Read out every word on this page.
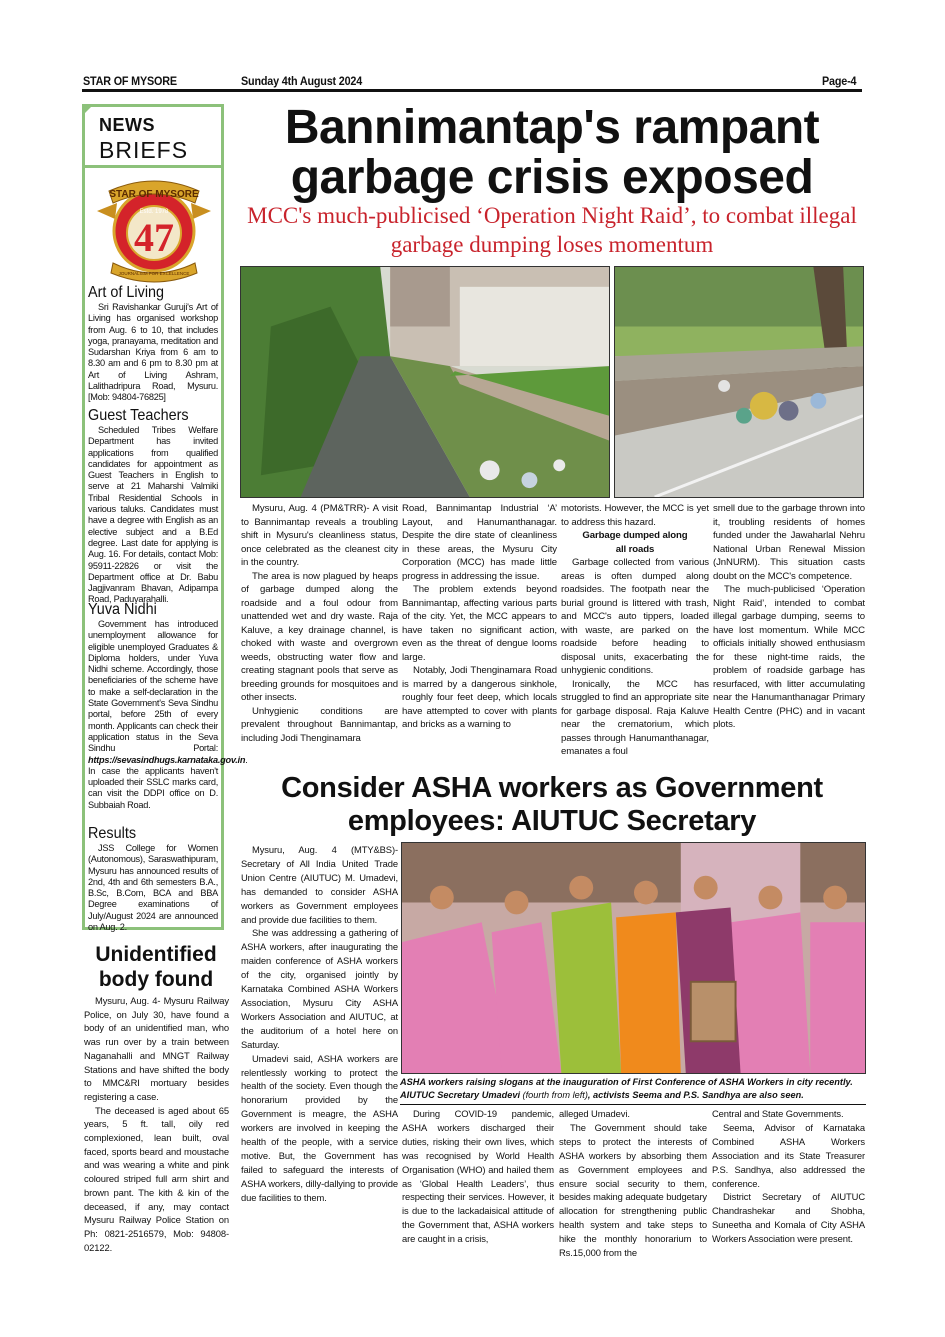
STAR OF MYSORE	Sunday 4th August 2024	Page-4
NEWS
BRIEFS
STAR OF MYSORE
Estd. 1978
47
JOURNALISM FOR EXCELLENCE
Art of Living

Sri Ravishankar Guruji's Art of Living has organised workshop from Aug. 6 to 10, that includes yoga, pranayama, meditation and Sudarshan Kriya from 6 am to 8.30 am and 6 pm to 8.30 pm at Art of Living Ashram, Lalithadripura Road, Mysuru. [Mob: 94804-76825]

Guest Teachers

Scheduled Tribes Welfare Department has invited applications from qualified candidates for appointment as Guest Teachers in English to serve at 21 Maharshi Valmiki Tribal Residential Schools in various taluks. Candidates must have a degree with English as an elective subject and a B.Ed degree. Last date for applying is Aug. 16. For details, contact Mob: 95911-22826 or visit the Department office at Dr. Babu Jagjivanram Bhavan, Adipampa Road, Paduvarahalli.

Yuva Nidhi

Government has introduced unemployment allowance for eligible unemployed Graduates & Diploma holders, under Yuva Nidhi scheme. Accordingly, those beneficiaries of the scheme have to make a self-declaration in the State Government's Seva Sindhu portal, before 25th of every month. Applicants can check their application status in the Seva Sindhu Portal: https://sevasindhugs.karnataka.gov.in. In case the applicants haven't uploaded their SSLC marks card, can visit the DDPI office on D. Subbaiah Road.

Results

JSS College for Women (Autonomous), Saraswathipuram, Mysuru has announced results of 2nd, 4th and 6th semesters B.A., B.Sc, B.Com, BCA and BBA Degree examinations of July/August 2024 are announced on Aug. 2.

Unidentified body found

Mysuru, Aug. 4- Mysuru Railway Police, on July 30, have found a body of an unidentified man, who was run over by a train between Naganahalli and MNGT Railway Stations and have shifted the body to MMC&RI mortuary besides registering a case.

The deceased is aged about 65 years, 5 ft. tall, oily red complexioned, lean built, oval faced, sports beard and moustache and was wearing a white and pink coloured striped full arm shirt and brown pant. The kith & kin of the deceased, if any, may contact Mysuru Railway Police Station on Ph: 0821-2516579, Mob: 94808-02122.

Bannimantap's rampant garbage crisis exposed
MCC's much-publicised ‘Operation Night Raid’, to combat illegal garbage dumping loses momentum

Mysuru, Aug. 4 (PM&TRR)- A visit to Bannimantap reveals a troubling shift in Mysuru's cleanliness status, once celebrated as the cleanest city in the country.

The area is now plagued by heaps of garbage dumped along the roadside and a foul odour from unattended wet and dry waste. Raja Kaluve, a key drainage channel, is choked with waste and overgrown weeds, obstructing water flow and creating stagnant pools that serve as breeding grounds for mosquitoes and other insects.

Unhygienic conditions are prevalent throughout Bannimantap, including Jodi Thenginamara

Road, Bannimantap Industrial ‘A’ Layout, and Hanumanthanagar. Despite the dire state of cleanliness in these areas, the Mysuru City Corporation (MCC) has made little progress in addressing the issue.

The problem extends beyond Bannimantap, affecting various parts of the city. Yet, the MCC appears to have taken no significant action, even as the threat of dengue looms large.

Notably, Jodi Thenginamara Road is marred by a dangerous sinkhole, roughly four feet deep, which locals have attempted to cover with plants and bricks as a warning to

motorists. However, the MCC is yet to address this hazard.

Garbage dumped along all roads

Garbage collected from various areas is often dumped along roadsides. The footpath near the burial ground is littered with trash, and MCC's auto tippers, loaded with waste, are parked on the roadside before heading to disposal units, exacerbating the unhygienic conditions.

Ironically, the MCC has struggled to find an appropriate site for garbage disposal. Raja Kaluve near the crematorium, which passes through Hanumanthanagar, emanates a foul

smell due to the garbage thrown into it, troubling residents of homes funded under the Jawaharlal Nehru National Urban Renewal Mission (JnNURM). This situation casts doubt on the MCC's competence.

The much-publicised ‘Operation Night Raid’, intended to combat illegal garbage dumping, seems to have lost momentum. While MCC officials initially showed enthusiasm for these night-time raids, the problem of roadside garbage has resurfaced, with litter accumulating near the Hanumanthanagar Primary Health Centre (PHC) and in vacant plots.

Consider ASHA workers as Government employees: AIUTUC Secretary

Mysuru, Aug. 4 (MTY&BS)- Secretary of All India United Trade Union Centre (AIUTUC) M. Umadevi, has demanded to consider ASHA workers as Government employees and provide due facilities to them.

She was addressing a gathering of ASHA workers, after inaugurating the maiden conference of ASHA workers of the city, organised jointly by Karnataka Combined ASHA Workers Association, Mysuru City ASHA Workers Association and AIUTUC, at the auditorium of a hotel here on Saturday.

Umadevi said, ASHA workers are relentlessly working to protect the health of the society. Even though the honorarium provided by the Government is meagre, the ASHA workers are involved in keeping the health of the people, with a service motive. But, the Government has failed to safeguard the interests of ASHA workers, dilly-dallying to provide due facilities to them.

ASHA workers raising slogans at the inauguration of First Conference of ASHA Workers in city recently. AIUTUC Secretary Umadevi (fourth from left), activists Seema and P.S. Sandhya are also seen.

During COVID-19 pandemic, ASHA workers discharged their duties, risking their own lives, which was recognised by World Health Organisation (WHO) and hailed them as ‘Global Health Leaders’, thus respecting their services. However, it is due to the lackadaisical attitude of the Government that, ASHA workers are caught in a crisis,

alleged Umadevi.

The Government should take steps to protect the interests of ASHA workers by absorbing them as Government employees and ensure social security to them, besides making adequate budgetary allocation for strengthening public health system and take steps to hike the monthly honorarium to Rs.15,000 from the

Central and State Governments.

Seema, Advisor of Karnataka Combined ASHA Workers Association and its State Treasurer P.S. Sandhya, also addressed the conference.

District Secretary of AIUTUC Chandrashekar and Shobha, Suneetha and Komala of City ASHA Workers Association were present.
